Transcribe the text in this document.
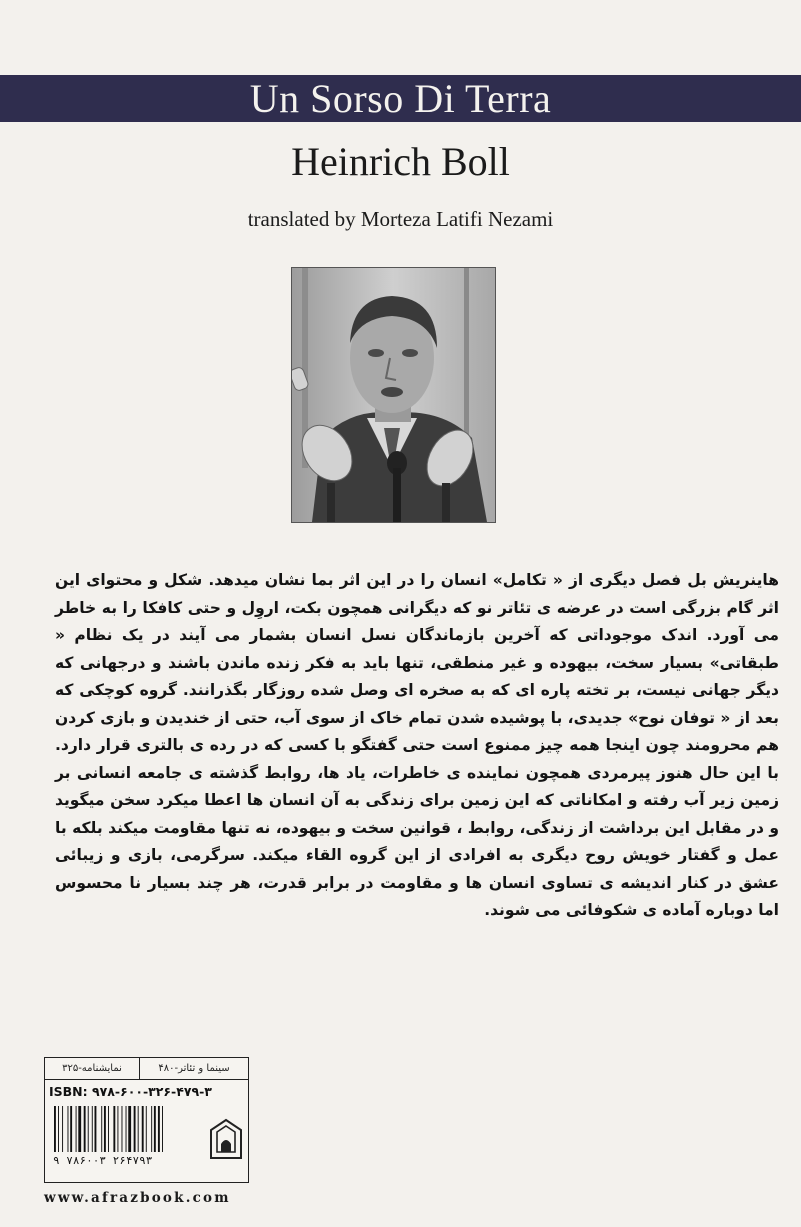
Un Sorso Di Terra
Heinrich Boll
translated by Morteza Latifi Nezami
هاینریش بل فصل دیگری از « تکامل» انسان را در این اثر بما نشان میدهد. شکل و محتوای این اثر گام بزرگی است در عرضه ی تئاتر نو که دیگرانی همچون بکت، اروِل و حتی کافکا را به خاطر می آورد. اندک موجوداتی که آخرین بازماندگان نسل انسان بشمار می آیند در یک نظام « طبقاتی» بسیار سخت، بیهوده و غیر منطقی، تنها باید به فکر زنده ماندن باشند و درجهانی که دیگر جهانی نیست، بر تخته پاره ای که به صخره ای وصل شده روزگار بگذرانند. گروه کوچکی که بعد از « توفان نوح» جدیدی، با پوشیده شدن تمام خاک از سوی آب، حتی از خندیدن و بازی کردن هم محرومند چون اینجا همه چیز ممنوع است حتی گفتگو با کسی که در رده ی بالتری قرار دارد. با این حال هنوز پیرمردی همچون نماینده ی خاطرات، یاد ها، روابط گذشته ی جامعه انسانی بر زمین زیر آب رفته و امکاناتی که این زمین برای زندگی به آن انسان ها اعطا میکرد سخن میگوید و در مقابل این برداشت از زندگی، روابط ، قوانین سخت و بیهوده، نه تنها مقاومت میکند بلکه با عمل و گفتار خویش روح دیگری به افرادی از این گروه القاء میکند. سرگرمی، بازی و زیبائی عشق در کنار اندیشه ی تساوی انسان ها و مقاومت در برابر قدرت، هر چند بسیار نا محسوس اما دوباره آماده ی شکوفائی می شوند.
نمایشنامه-۳۲۵	سینما و تئاتر-۴۸۰
ISBN: ۹۷۸-۶۰۰-۳۲۶-۴۷۹-۳
۹ ۷۸۶۰۰۳ ۲۶۴۷۹۳
www.afrazbook.com
